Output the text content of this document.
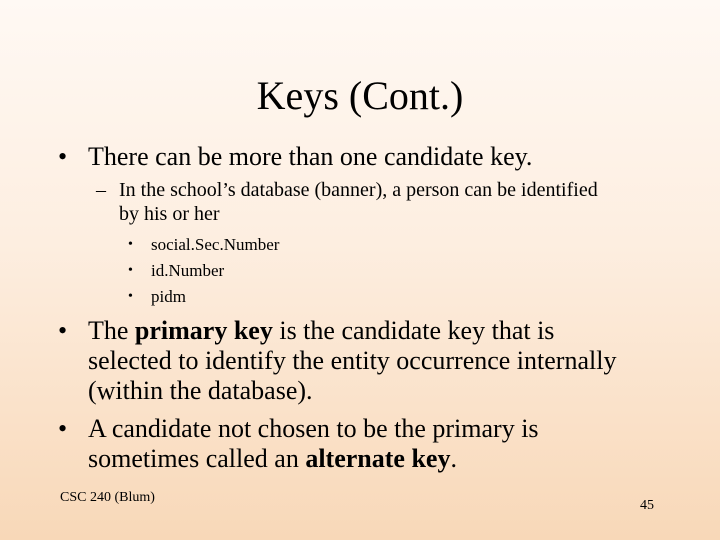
Keys (Cont.)
• There can be more than one candidate key.
– In the school’s database (banner), a person can be identified by his or her
•	social.Sec.Number
•	id.Number
•	pidm
• The primary key is the candidate key that is selected to identify the entity occurrence internally (within the database).
• A candidate not chosen to be the primary is sometimes called an alternate key.
CSC 240 (Blum)
45
